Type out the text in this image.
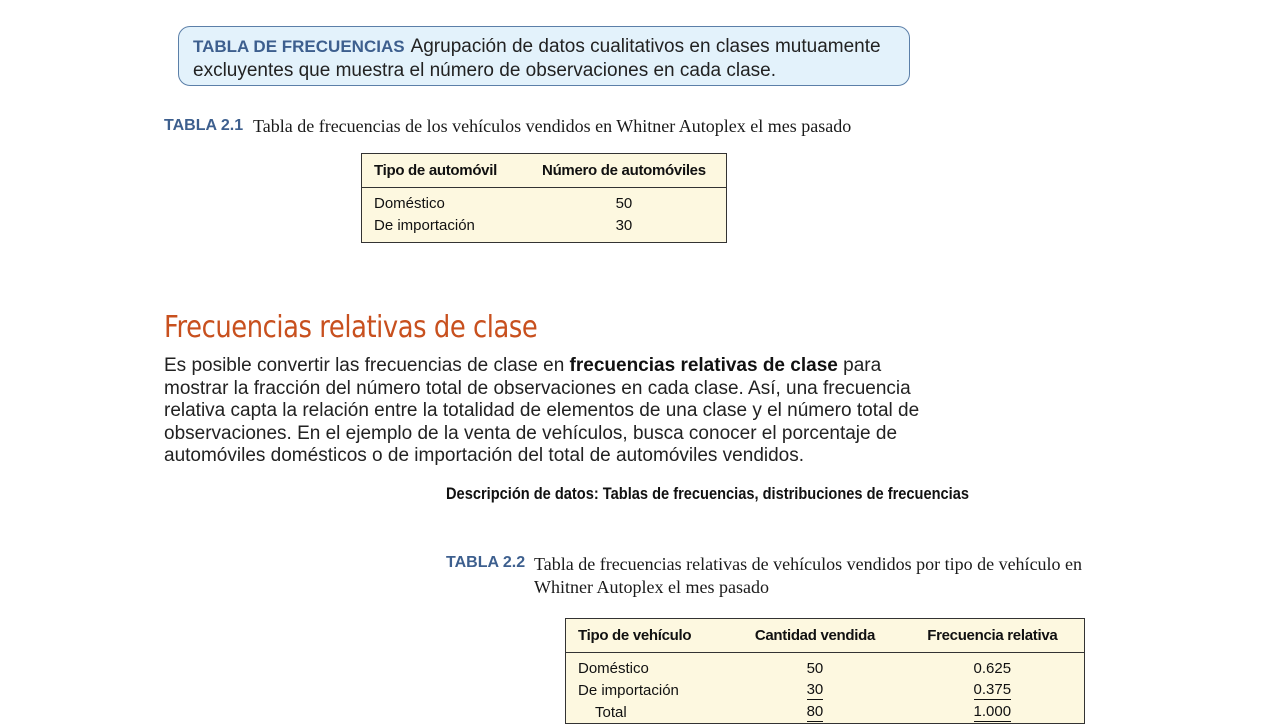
TABLA DE FRECUENCIAS Agrupación de datos cualitativos en clases mutuamente excluyentes que muestra el número de observaciones en cada clase.
TABLA 2.1 Tabla de frecuencias de los vehículos vendidos en Whitner Autoplex el mes pasado
Tipo de automóvil	Número de automóviles
Doméstico	50
De importación	30
Frecuencias relativas de clase

Es posible convertir las frecuencias de clase en frecuencias relativas de clase para mostrar la fracción del número total de observaciones en cada clase. Así, una frecuencia relativa capta la relación entre la totalidad de elementos de una clase y el número total de observaciones. En el ejemplo de la venta de vehículos, busca conocer el porcentaje de automóviles domésticos o de importación del total de automóviles vendidos.

Descripción de datos: Tablas de frecuencias, distribuciones de frecuencias
TABLA 2.2 Tabla de frecuencias relativas de vehículos vendidos por tipo de vehículo en Whitner Autoplex el mes pasado
Tipo de vehículo	Cantidad vendida	Frecuencia relativa
Doméstico	50	0.625
De importación	30	0.375
Total	80	1.000
